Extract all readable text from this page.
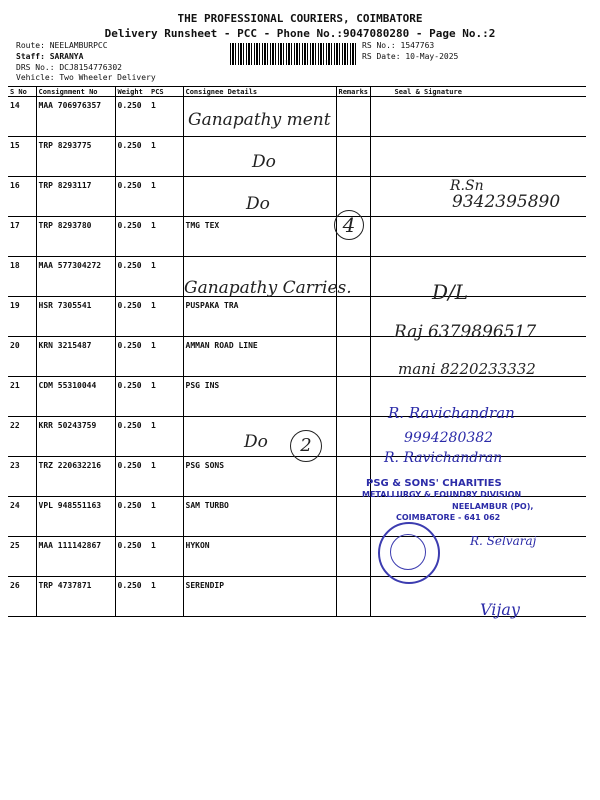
THE PROFESSIONAL COURIERS, COIMBATORE
Delivery Runsheet - PCC - Phone No.:9047080280 - Page No.:2
Route: NEELAMBURPCC
Staff: SARANYA
DRS No.: DCJ8154776302
Vehicle: Two Wheeler Delivery
RS No.: 1547763
RS Date: 10-May-2025
S No	Consignment No	Weight	PCS	Consignee Details	Remarks	Seal & Signature
14	MAA 706976357	0.250	1			
15	TRP 8293775	0.250	1			
16	TRP 8293117	0.250	1			
17	TRP 8293780	0.250	1	TMG TEX		
18	MAA 577304272	0.250	1			
19	HSR 7305541	0.250	1	PUSPAKA TRA		
20	KRN 3215487	0.250	1	AMMAN ROAD LINE		
21	CDM 55310044	0.250	1	PSG INS		
22	KRR 50243759	0.250	1			
23	TRZ 220632216	0.250	1	PSG SONS		
24	VPL 948551163	0.250	1	SAM TURBO		
25	MAA 111142867	0.250	1	HYKON		
26	TRP 4737871	0.250	1	SERENDIP		
Ganapathy ment
Do
Do
R.Sn
9342395890
4
Ganapathy Carries.	D/L
Raj 6379896517
mani 8220233332
R. Ravichandran
9994280382
R. Ravichandran
Do	2
R. Selvaraj
Vijay
PSG & SONS' CHARITIES
METALLURGY & FOUNDRY DIVISION
NEELAMBUR (PO),
COIMBATORE - 641 062
